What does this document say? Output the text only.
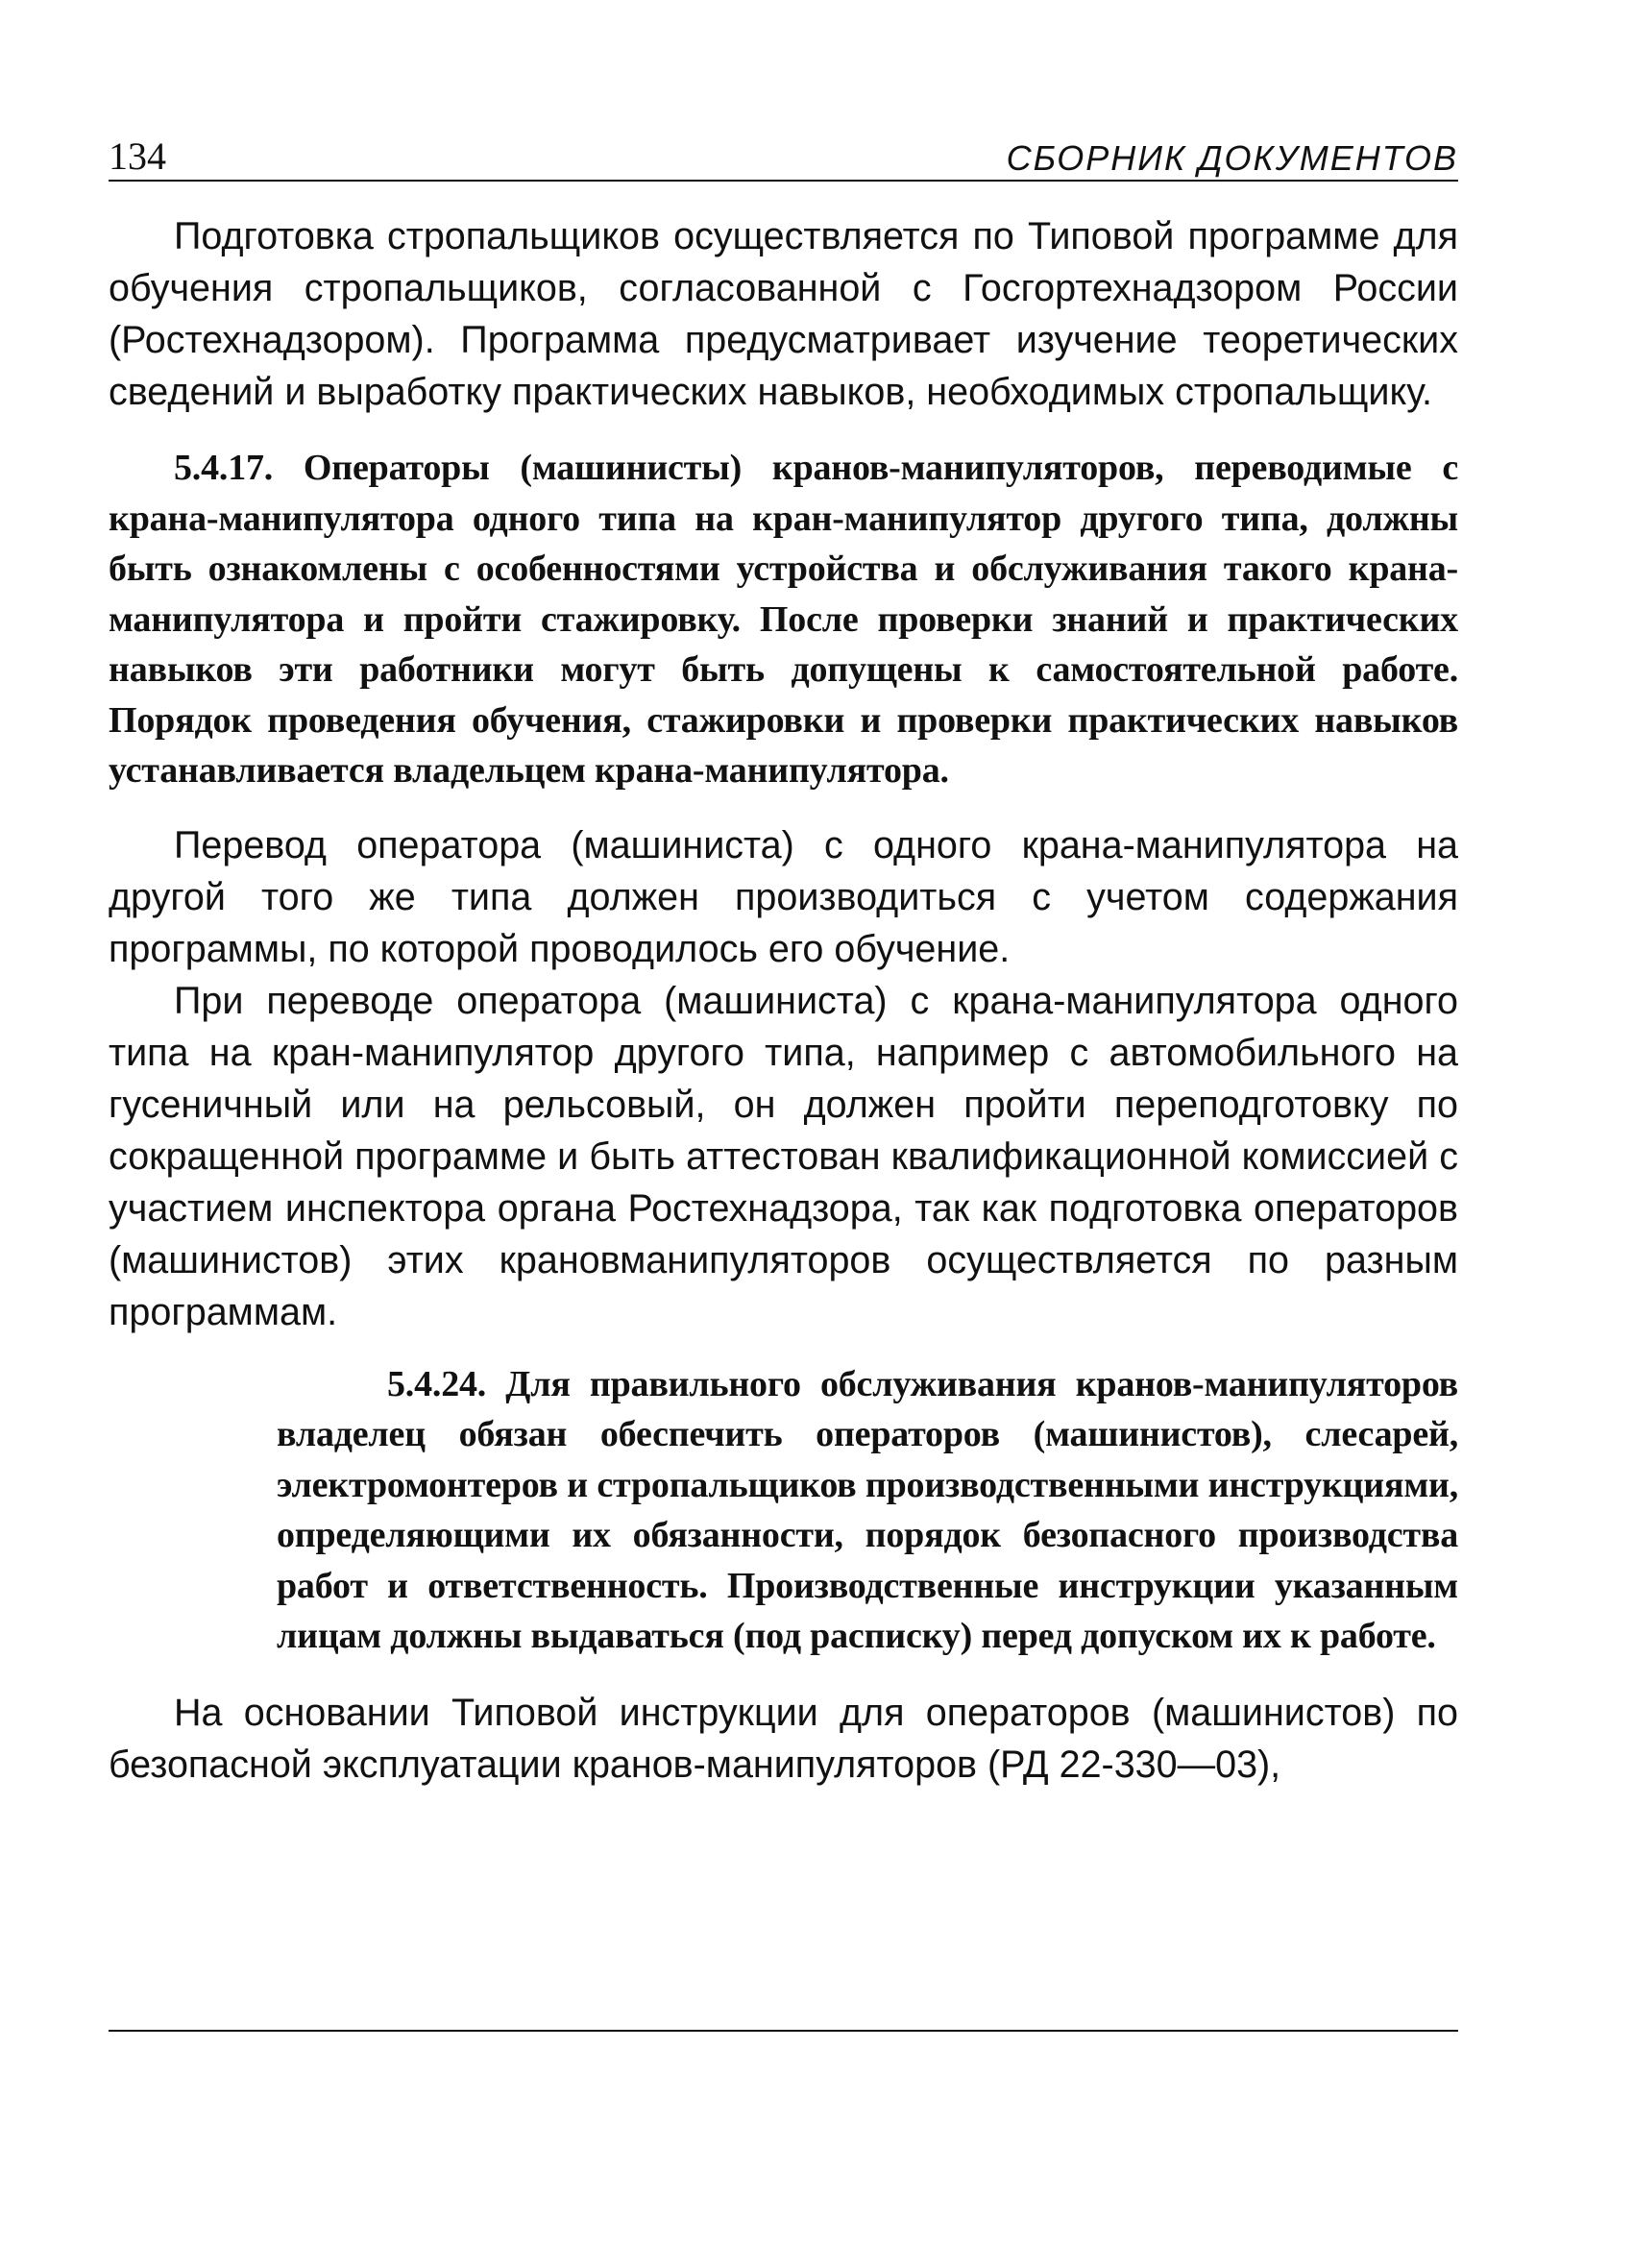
134	СБОРНИК ДОКУМЕНТОВ

Подготовка стропальщиков осуществляется по Типовой программе для обучения стропальщиков, согласованной с Госгортехнадзором России (Ростехнадзором). Программа предусматривает изучение теоретических сведений и выработку практических навыков, необходимых стропальщику.

5.4.17. Операторы (машинисты) кранов-манипуляторов, переводимые с крана-манипулятора одного типа на кран-манипулятор другого типа, должны быть ознакомлены с особенностями устройства и обслуживания такого крана-манипулятора и пройти стажировку. После проверки знаний и практических навыков эти работники могут быть допущены к самостоятельной работе. Порядок проведения обучения, стажировки и проверки практических навыков устанавливается владельцем крана-манипулятора.

Перевод оператора (машиниста) с одного крана-манипулятора на другой того же типа должен производиться с учетом содержания программы, по которой проводилось его обучение.

При переводе оператора (машиниста) с крана-манипулятора одного типа на кран-манипулятор другого типа, например с автомобильного на гусеничный или на рельсовый, он должен пройти переподготовку по сокращенной программе и быть аттестован квалификационной комиссией с участием инспектора органа Ростехнадзора, так как подготовка операторов (машинистов) этих крановманипуляторов осуществляется по разным программам.

5.4.24. Для правильного обслуживания кранов-манипуляторов владелец обязан обеспечить операторов (машинистов), слесарей, электромонтеров и стропальщиков производственными инструкциями, определяющими их обязанности, порядок безопасного производства работ и ответственность. Производственные инструкции указанным лицам должны выдаваться (под расписку) перед допуском их к работе.

На основании Типовой инструкции для операторов (машинистов) по безопасной эксплуатации кранов-манипуляторов (РД 22-330—03),
